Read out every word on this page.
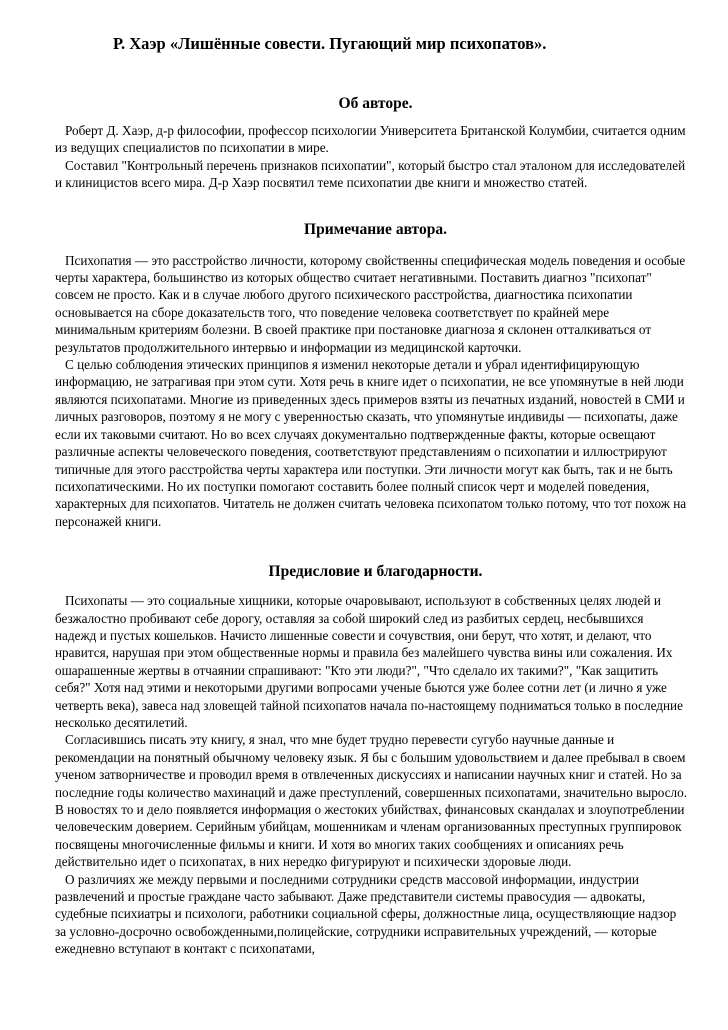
Р. Хаэр «Лишённые совести. Пугающий мир психопатов».
Об авторе.

Роберт Д. Хаэр, д-р философии, профессор психологии Университета Британской Колумбии, считается одним из ведущих специалистов по психопатии в мире.

Составил "Контрольный перечень признаков психопатии", который быстро стал эталоном для исследователей и клиницистов всего мира. Д-р Хаэр посвятил теме психопатии две книги и множество статей.

Примечание автора.

Психопатия — это расстройство личности, которому свойственны специфическая модель поведения и особые черты характера, большинство из которых общество считает негативными. Поставить диагноз "психопат" совсем не просто. Как и в случае любого другого психического расстройства, диагностика психопатии основывается на сборе доказательств того, что поведение человека соответствует по крайней мере минимальным критериям болезни. В своей практике при постановке диагноза я склонен отталкиваться от результатов продолжительного интервью и информации из медицинской карточки.

С целью соблюдения этических принципов я изменил некоторые детали и убрал идентифицирующую информацию, не затрагивая при этом сути. Хотя речь в книге идет о психопатии, не все упомянутые в ней люди являются психопатами. Многие из приведенных здесь примеров взяты из печатных изданий, новостей в СМИ и личных разговоров, поэтому я не могу с уверенностью сказать, что упомянутые индивиды — психопаты, даже если их таковыми считают. Но во всех случаях документально подтвержденные факты, которые освещают различные аспекты человеческого поведения, соответствуют представлениям о психопатии и иллюстрируют типичные для этого расстройства черты характера или поступки. Эти личности могут как быть, так и не быть психопатическими. Но их поступки помогают составить более полный список черт и моделей поведения, характерных для психопатов. Читатель не должен считать человека психопатом только потому, что тот похож на персонажей книги.

Предисловие и благодарности.

Психопаты — это социальные хищники, которые очаровывают, используют в собственных целях людей и безжалостно пробивают себе дорогу, оставляя за собой широкий след из разбитых сердец, несбывшихся надежд и пустых кошельков. Начисто лишенные совести и сочувствия, они берут, что хотят, и делают, что нравится, нарушая при этом общественные нормы и правила без малейшего чувства вины или сожаления. Их ошарашенные жертвы в отчаянии спрашивают: "Кто эти люди?", "Что сделало их такими?", "Как защитить себя?" Хотя над этими и некоторыми другими вопросами ученые бьются уже более сотни лет (и лично я уже четверть века), завеса над зловещей тайной психопатов начала по-настоящему подниматься только в последние несколько десятилетий.

Согласившись писать эту книгу, я знал, что мне будет трудно перевести сугубо научные данные и рекомендации на понятный обычному человеку язык. Я бы с большим удовольствием и далее пребывал в своем ученом затворничестве и проводил время в отвлеченных дискуссиях и написании научных книг и статей. Но за последние годы количество махинаций и даже преступлений, совершенных психопатами, значительно выросло. В новостях то и дело появляется информация о жестоких убийствах, финансовых скандалах и злоупотреблении человеческим доверием. Серийным убийцам, мошенникам и членам организованных преступных группировок посвящены многочисленные фильмы и книги. И хотя во многих таких сообщениях и описаниях речь действительно идет о психопатах, в них нередко фигурируют и психически здоровые люди.

О различиях же между первыми и последними сотрудники средств массовой информации, индустрии развлечений и простые граждане часто забывают. Даже представители системы правосудия — адвокаты, судебные психиатры и психологи, работники социальной сферы, должностные лица, осуществляющие надзор за условно-досрочно освобожденными,полицейские, сотрудники исправительных учреждений, — которые ежедневно вступают в контакт с психопатами,
